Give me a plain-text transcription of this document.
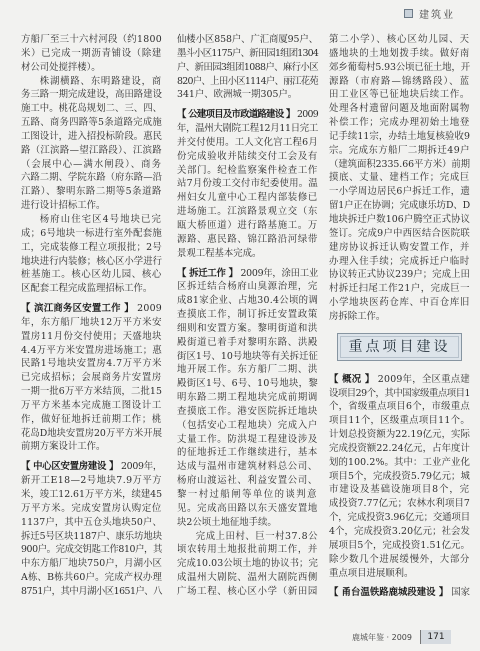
建筑业
方船厂至三十六村河段（约1800
米）已完成一期沥青铺设（除建
材公司处搅拌楼）。
株湖横路、东明路建设，商
务三路一期完成建设，高田路建设
施工中。桃花岛规划二、三、四、
五路、商务四路等5条道路完成施
工图设计，进入招投标阶段。惠民
路（江滨路—望江路段）、江滨路
（会展中心—满水闸段）、商务
六路二期、学院东路（府东路—沿
江路）、黎明东路二期等5条道路
进行设计招标工作。
杨府山住宅区4号地块已完
成；6号地块一标进行室外配套施
工，完成装修工程立项报批；2号
地块进行内装修；核心区小学进行
桩基施工。核心区幼儿园、核心
区配套工程完成监理招标工作。
【 滨江商务区安置工作 】 2009
年，东方船厂地块12万平方米安
置房11月份交付使用；天盛地块
4.4万平方米安置房进场施工；惠
民路1号地块安置房4.7万平方米
已完成招标；会展商务片安置房
一期一批6万平方米结顶，二批15
万平方米基本完成施工图设计工
作，做好征地拆迁前期工作；桃
花岛D地块安置房20万平方米开展
前期方案设计工作。
【 中心区安置房建设 】 2009年，
新开工E18—2号地块7.9万平方
米，竣工12.61万平方米，续建45
万平方米。完成安置房认购定位
1137户，其中五仓头地块50户、
拆迁5号区块1187户、康乐坊地块
900户。完成交钥匙工作810户，其
中东方船厂地块750户，月湖小区
A栋、B栋共60户。完成产权办理
8751户，其中月湖小区1651户、八
仙楼小区858户、广汇商厦95户、
墨斗小区1175户、新田园1组团1304
户、新田园3组团1088户、麻行小区
820户、上田小区1114户、丽江花苑
341户、欧洲城一期305户。
【 公建项目及市政道路建设 】 2009
年，温州大剧院工程12月11日完工
并交付使用。工人文化宫工程6月
份完成验收并陆续交付工会及有
关部门。纪检监察案件检查工作
站7月份竣工交付市纪委使用。温
州妇女儿童中心工程内部装修已
进场施工。江滨路景观立交（东
瓯大桥匝道）进行路基施工。万
源路、惠民路、锦江路沿河绿带
景观工程基本完成。
【 拆迁工作 】 2009年，涂田工业
区拆迁结合杨府山臭源治理，完
成81家企业、占地30.4公顷的调
查摸底工作，制订拆迁安置政策
细则和安置方案。黎明街道和洪
殿街道已着手对黎明东路、洪殿
街区1号、10号地块等有关拆迁征
地开展工作。东方船厂二期、洪
殿街区1号、6号、10号地块，黎
明东路二期工程地块完成前期调
查摸底工作。港安医院拆迁地块
（包括安心工程地块）完成入户
丈量工作。防洪堤工程建设涉及
的征地拆迁工作继续进行，基本
达成与温州市建筑材料总公司、
杨府山渡运社、利益安置公司、
黎一村过船闸等单位的谈判意
见。完成高田路以东天盛安置地
块2公顷土地征地手续。
完成上田村、巨一村37.8公
顷农转用土地报批前期工作，并
完成10.03公顷土地的协议书；完
成温州大剧院、温州大剧院西侧
广场工程、核心区小学（新田园
第二小学）、核心区幼儿园、天
盛地块的土地划拨手续。做好南
郊乡葡萄村5.93公顷已征土地，开
源路（市府路—锦绣路段）、蓝
田工业区等已征地块后续工作。
处理各村遗留问题及地面附属物
补偿工作；完成办理初始土地登
记手续11宗，办结土地复核验收9
宗。完成东方船厂二期拆迁49户
（建筑面积2335.66平方米）前期
摸底、丈量、建档工作；完成巨
一小学周边居民6户拆迁工作，遗
留1户正在协调；完成康乐坊D、D
地块拆迁户数106户腾空正式协议
签订。完成9户中西医结合医院联
建房协议拆迁认购安置工作，并
办理入住手续；完成拆迁户临时
协议转正式协议239户；完成上田
村拆迁扫尾工作21户，完成巨一
小学地块医药仓库、中百仓库旧
房拆除工作。
重点项目建设
【 概况 】 2009年，全区重点建
设项目29个，其中国家级重点项目1
个，省级重点项目6个，市级重点
项目11个，区级重点项目11个。
计划总投资额为22.19亿元，实际
完成投资额22.24亿元，占年度计
划的100.2%。其中：工业产业化
项目5个，完成投资5.79亿元；城
市建设及基础设施项目8个，完
成投资7.77亿元；农林水利项目7
个，完成投资3.96亿元；交通项目
4个，完成投资3.20亿元；社会发
展项目5个，完成投资1.51亿元。
除少数几个进展缓慢外，大部分
重点项目进展顺利。
【 甬台温铁路鹿城段建设 】 国家
鹿城年鉴 · 2009	171
